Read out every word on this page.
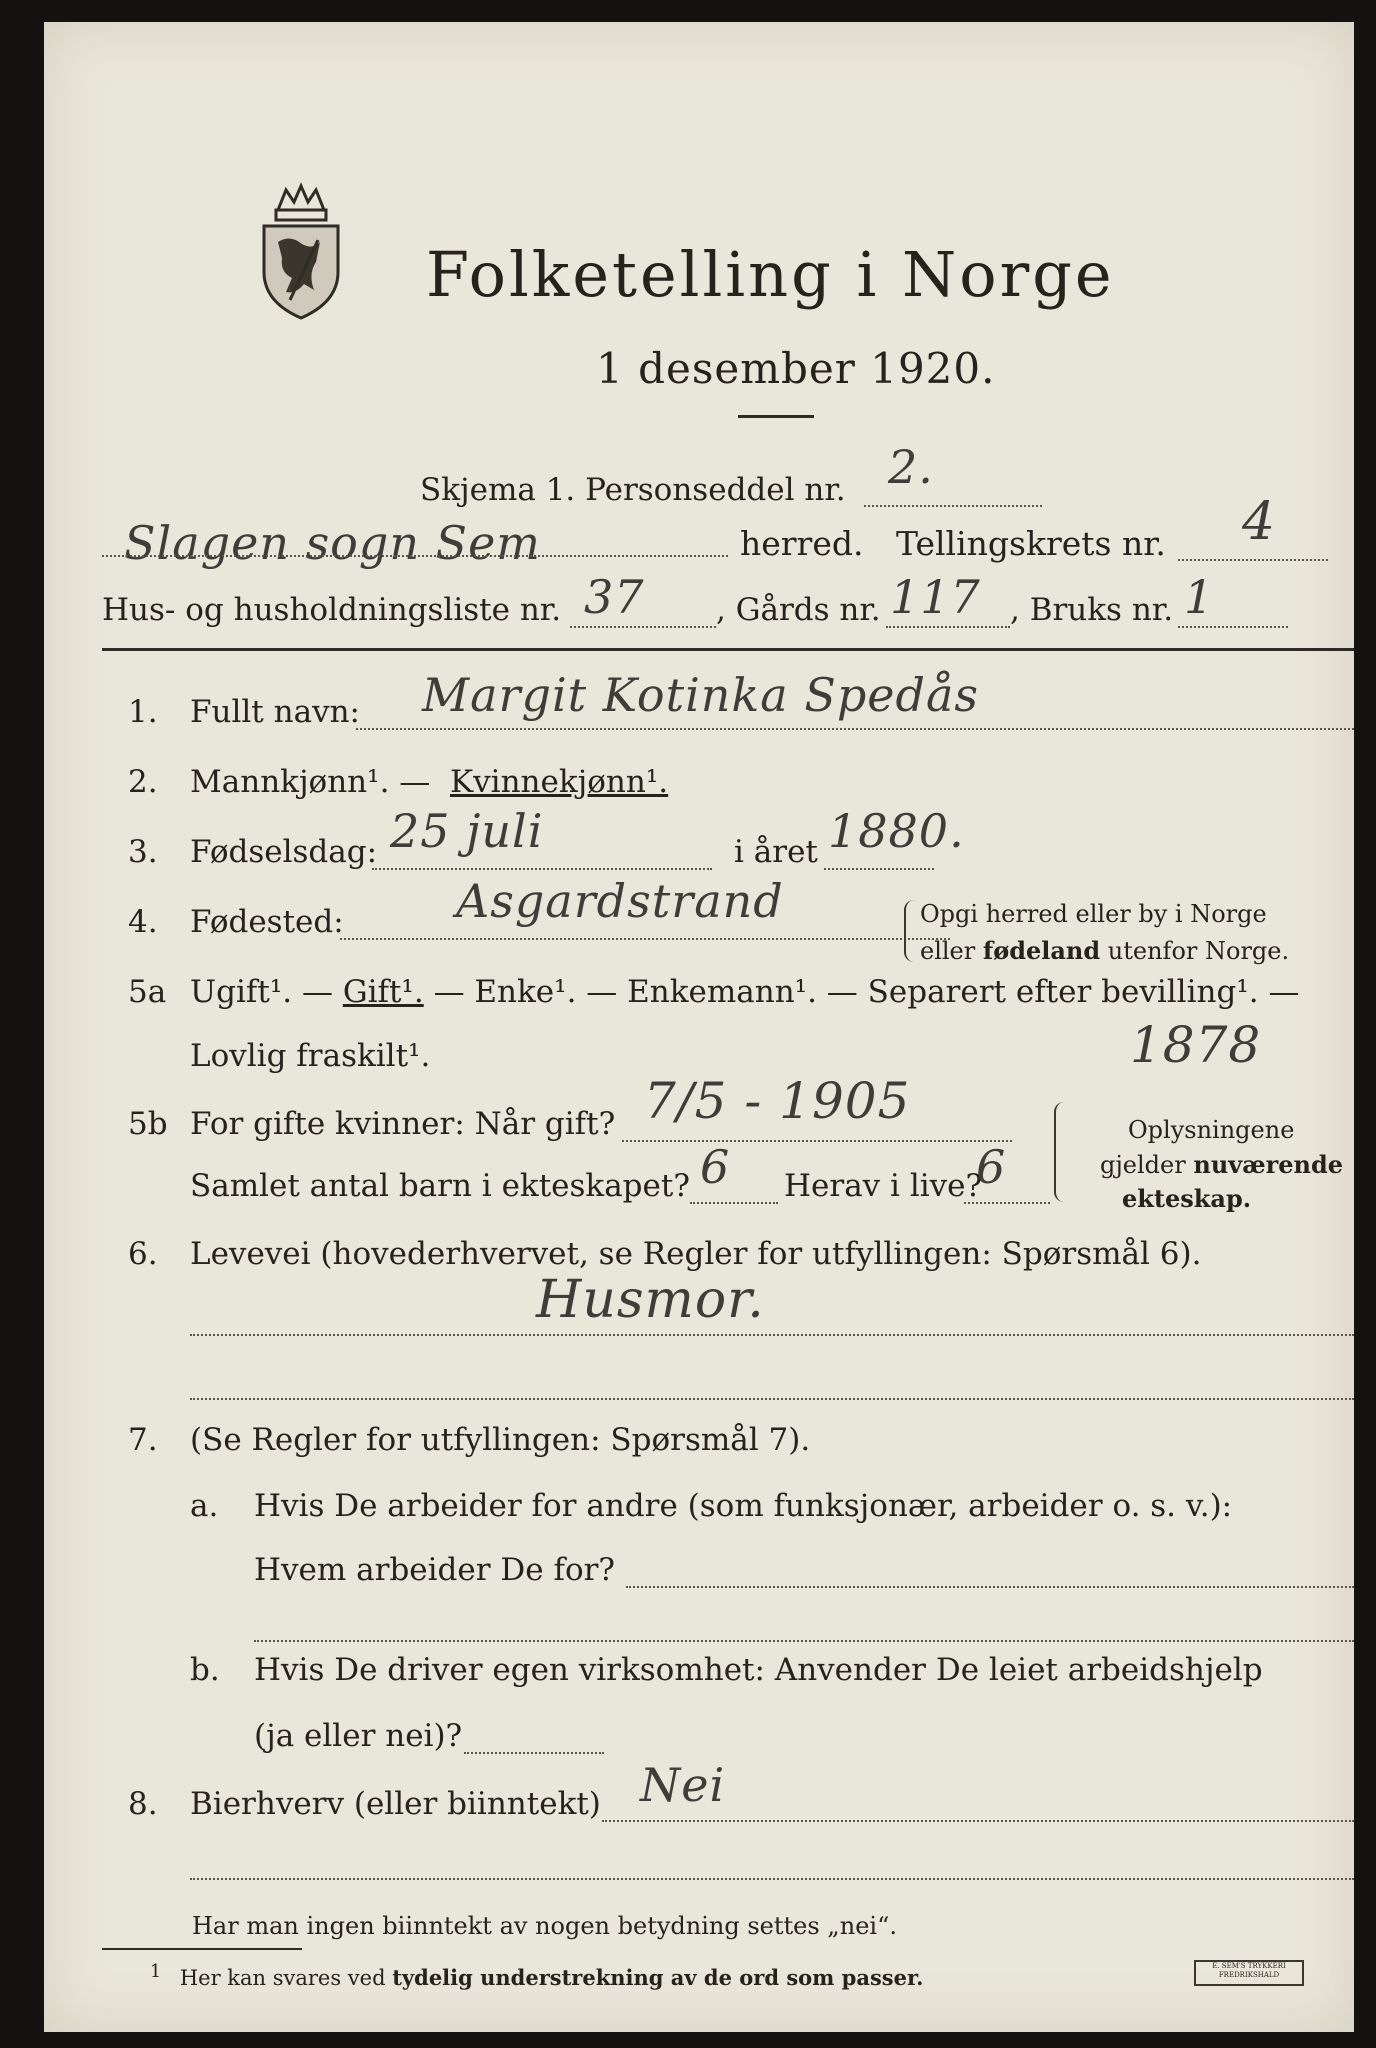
Folketelling i Norge
1 desember 1920.
Skjema 1. Personseddel nr. 2.
Slagen sogn Sem	herred. Tellingskrets nr. 4
Hus- og husholdningsliste nr. 37 , Gårds nr. 117 , Bruks nr. 1
1. Fullt navn: Margit Kotinka Spedås
2. Mannkjønn¹. — Kvinnekjønn¹.
3. Fødselsdag: 25 juli	i året 1880.
4. Fødested: Asgardstrand	Opgi herred eller by i Norge
eller fødeland utenfor Norge.
5a Ugift¹. — Gift¹. — Enke¹. — Enkemann¹. — Separert efter bevilling¹. —
Lovlig fraskilt¹.	1878
5b For gifte kvinner: Når gift? 7/5 - 1905
Samlet antal barn i ekteskapet? 6 Herav i live?
6
Oplysningene
gjelder nuværende
ekteskap.
6. Levevei (hovederhvervet, se Regler for utfyllingen: Spørsmål 6).
Husmor.
7. (Se Regler for utfyllingen: Spørsmål 7).
a. Hvis De arbeider for andre (som funksjonær, arbeider o. s. v.):
Hvem arbeider De for?
b. Hvis De driver egen virksomhet: Anvender De leiet arbeidshjelp
(ja eller nei)?
8. Bierhverv (eller biinntekt) Nei
Har man ingen biinntekt av nogen betydning settes „nei“.
$^1$ Her kan svares ved tydelig understrekning av de ord som passer.	E. SEM'S TRYKKERI
FREDRIKSHALD
